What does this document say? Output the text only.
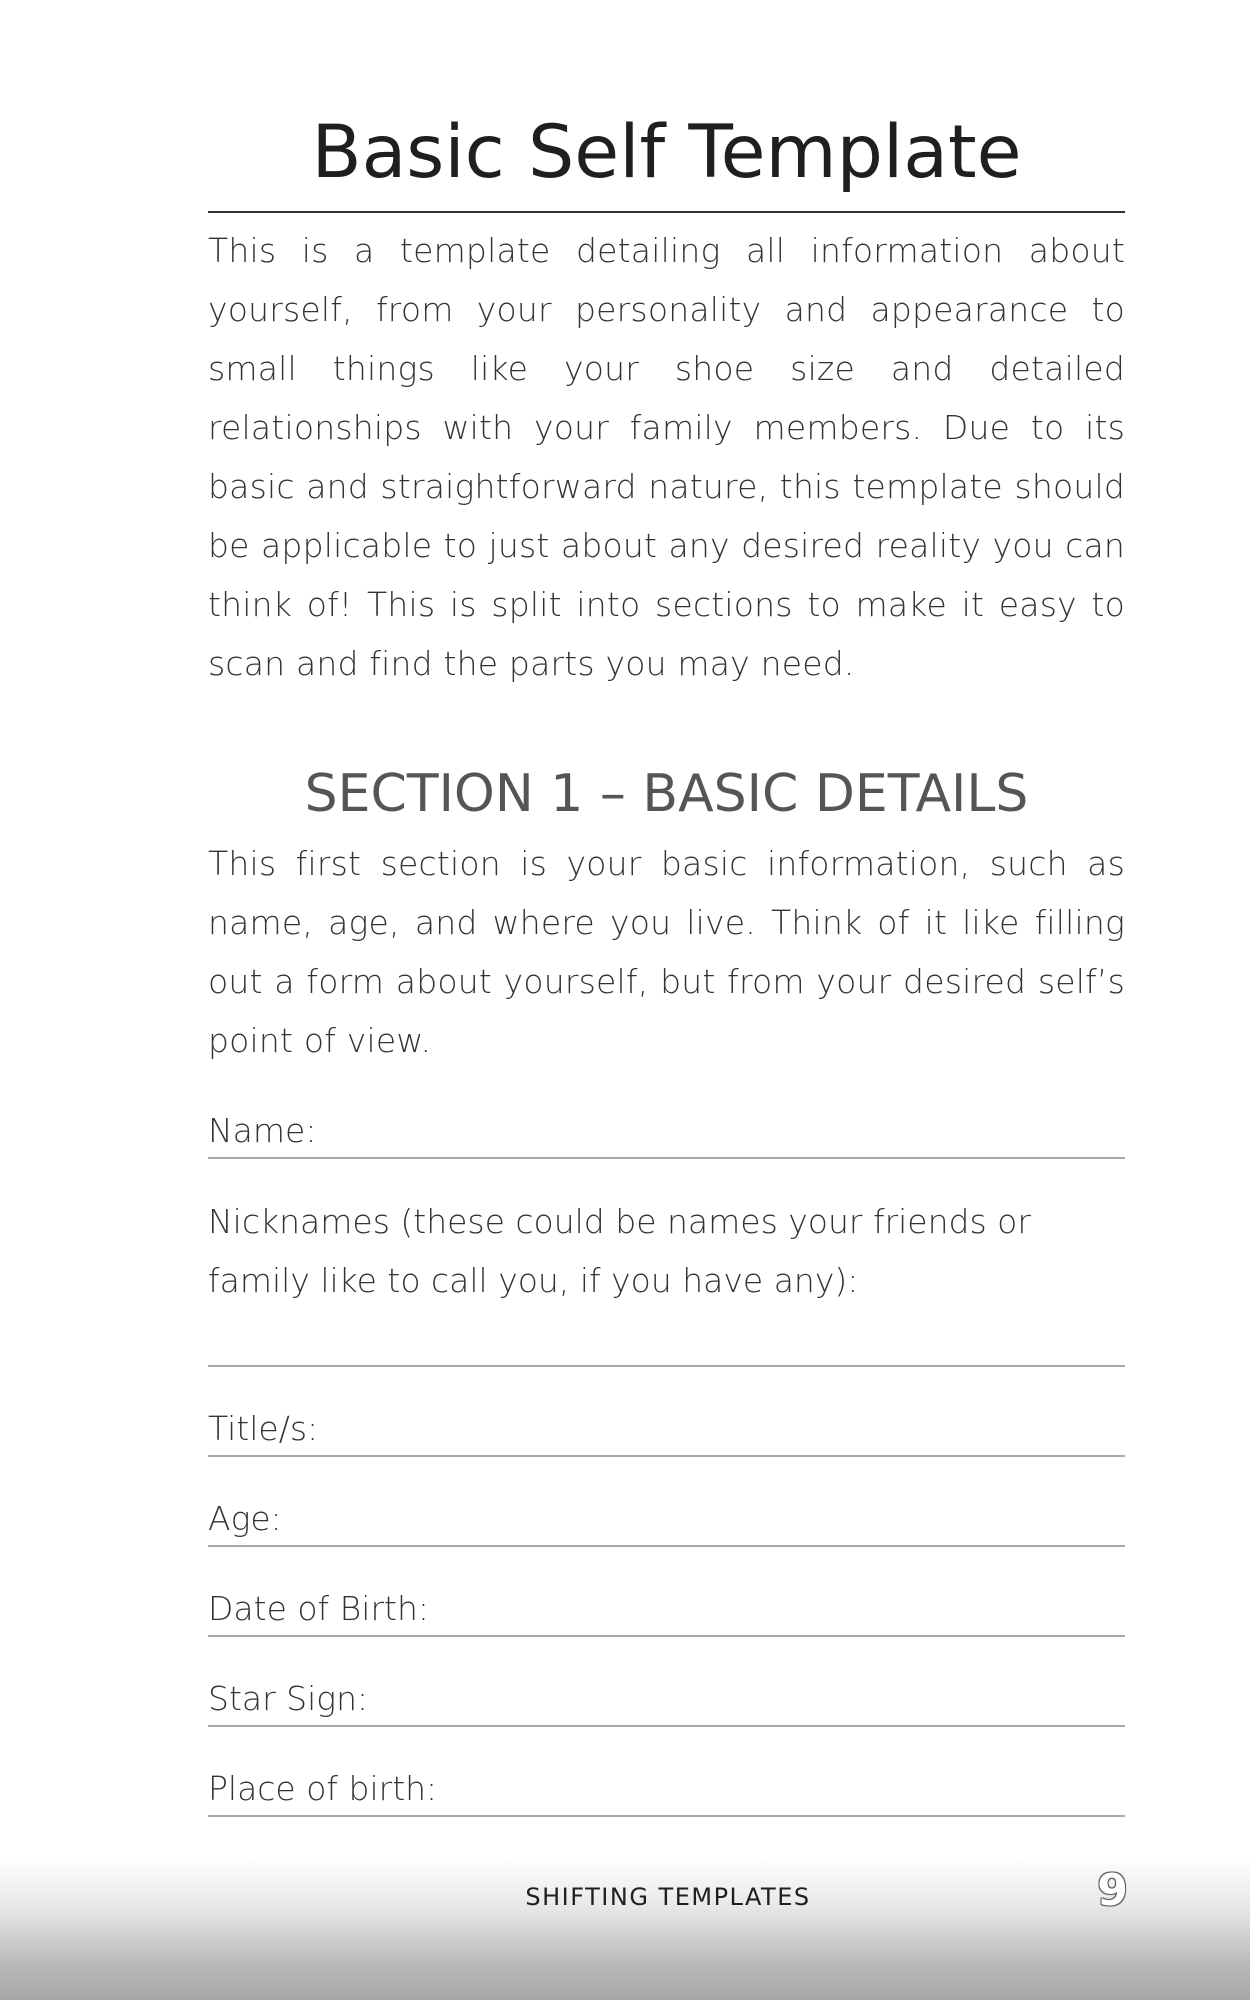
Basic Self Template

This is a template detailing all information about yourself, from your personality and appearance to small things like your shoe size and detailed relationships with your family members. Due to its basic and straightforward nature, this template should be applicable to just about any desired reality you can think of! This is split into sections to make it easy to scan and find the parts you may need.

SECTION 1 – BASIC DETAILS

This first section is your basic information, such as name, age, and where you live. Think of it like filling out a form about yourself, but from your desired self’s point of view.

Name:
Nicknames (these could be names your friends or family like to call you, if you have any):
Title/s:
Age:
Date of Birth:
Star Sign:
Place of birth:
SHIFTING TEMPLATES	9
